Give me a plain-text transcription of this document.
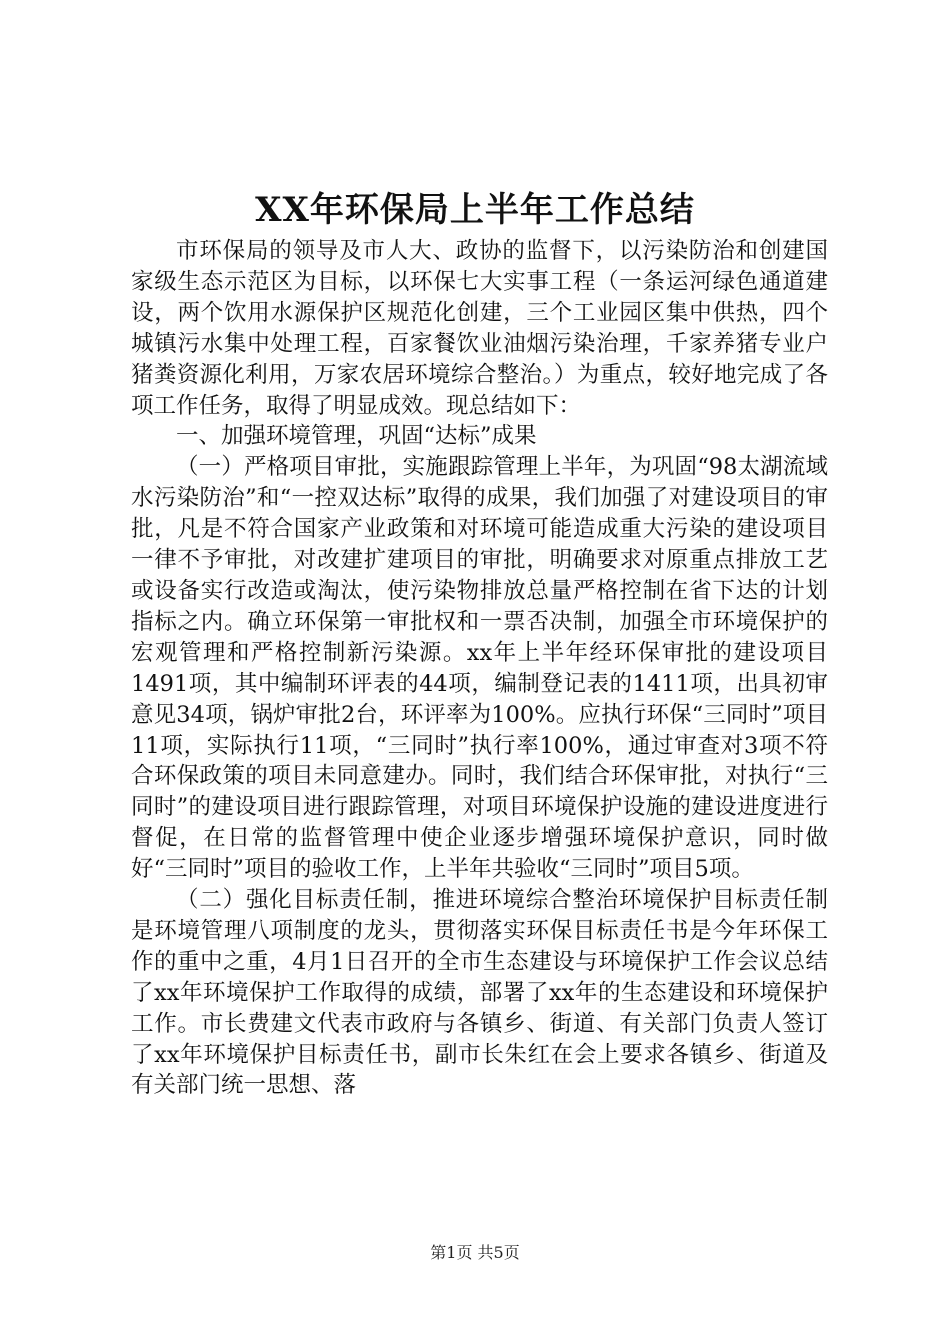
XX年环保局上半年工作总结

市环保局的领导及市人大、政协的监督下，以污染防治和创建国家级生态示范区为目标，以环保七大实事工程（一条运河绿色通道建设，两个饮用水源保护区规范化创建，三个工业园区集中供热，四个城镇污水集中处理工程，百家餐饮业油烟污染治理，千家养猪专业户猪粪资源化利用，万家农居环境综合整治。）为重点，较好地完成了各项工作任务，取得了明显成效。现总结如下：

一、加强环境管理，巩固“达标”成果

（一）严格项目审批，实施跟踪管理上半年，为巩固“98太湖流域水污染防治”和“一控双达标”取得的成果，我们加强了对建设项目的审批，凡是不符合国家产业政策和对环境可能造成重大污染的建设项目一律不予审批，对改建扩建项目的审批，明确要求对原重点排放工艺或设备实行改造或淘汰，使污染物排放总量严格控制在省下达的计划指标之内。确立环保第一审批权和一票否决制，加强全市环境保护的宏观管理和严格控制新污染源。xx年上半年经环保审批的建设项目1491项，其中编制环评表的44项，编制登记表的1411项，出具初审意见34项，锅炉审批2台，环评率为100%。应执行环保“三同时”项目11项，实际执行11项，“三同时”执行率100%，通过审查对3项不符合环保政策的项目未同意建办。同时，我们结合环保审批，对执行“三同时”的建设项目进行跟踪管理，对项目环境保护设施的建设进度进行督促，在日常的监督管理中使企业逐步增强环境保护意识，同时做好“三同时”项目的验收工作，上半年共验收“三同时”项目5项。

（二）强化目标责任制，推进环境综合整治环境保护目标责任制是环境管理八项制度的龙头，贯彻落实环保目标责任书是今年环保工作的重中之重，4月1日召开的全市生态建设与环境保护工作会议总结了xx年环境保护工作取得的成绩，部署了xx年的生态建设和环境保护工作。市长费建文代表市政府与各镇乡、街道、有关部门负责人签订了xx年环境保护目标责任书，副市长朱红在会上要求各镇乡、街道及有关部门统一思想、落

第1页 共5页
